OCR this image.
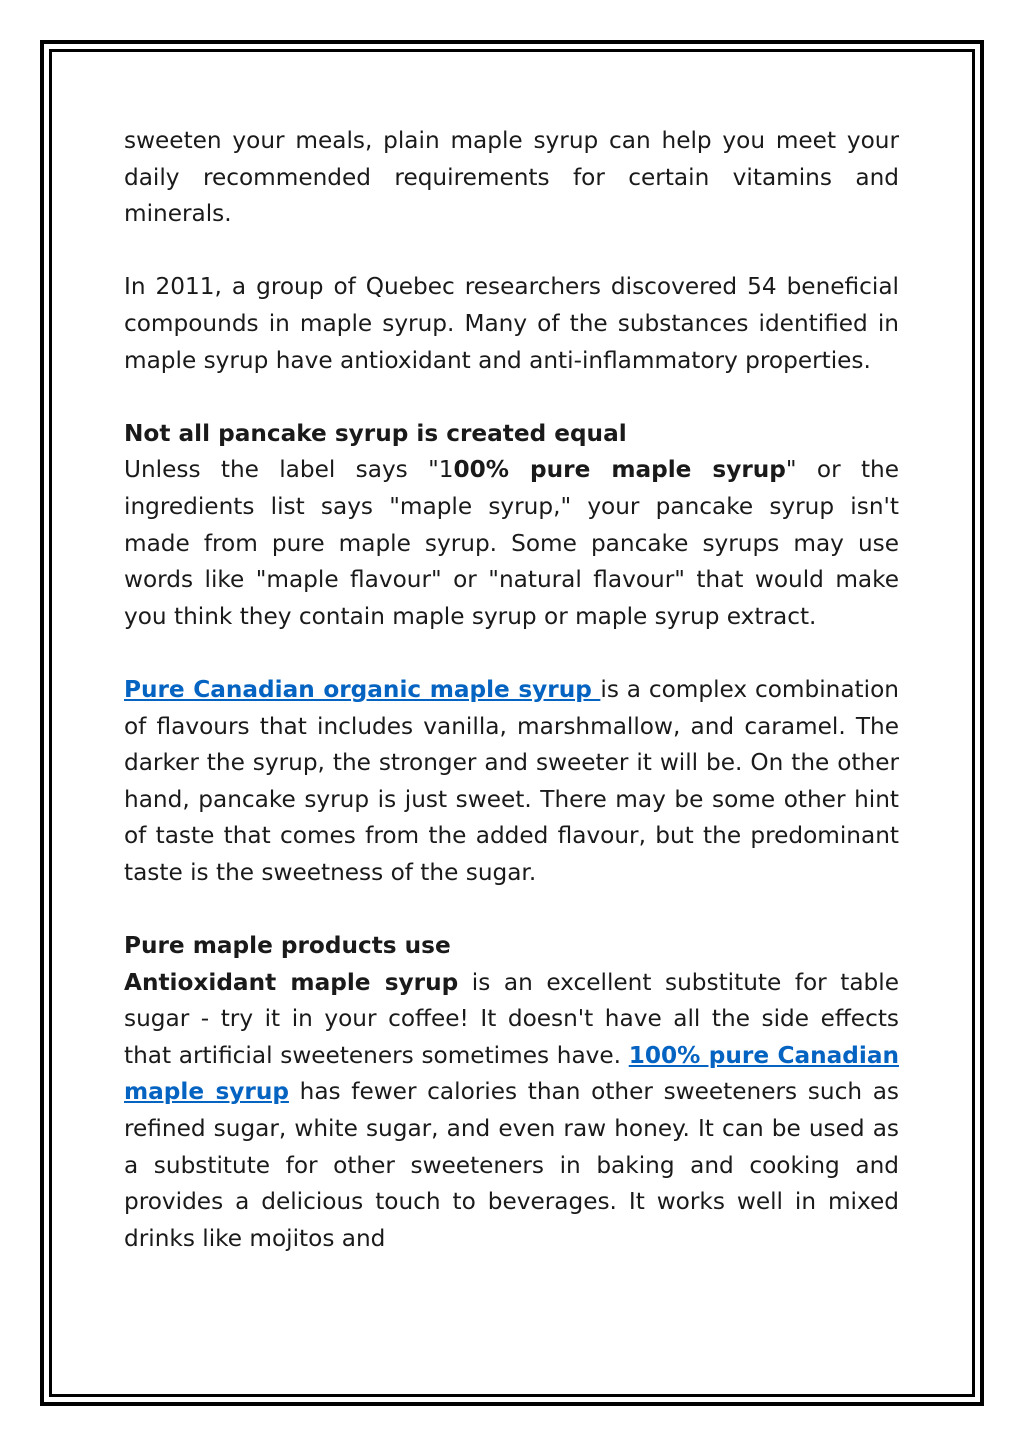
sweeten your meals, plain maple syrup can help you meet your daily recommended requirements for certain vitamins and minerals.

In 2011, a group of Quebec researchers discovered 54 beneficial compounds in maple syrup. Many of the substances identified in maple syrup have antioxidant and anti-inflammatory properties.

Not all pancake syrup is created equal

Unless the label says "100% pure maple syrup" or the ingredients list says "maple syrup," your pancake syrup isn't made from pure maple syrup. Some pancake syrups may use words like "maple flavour" or "natural flavour" that would make you think they contain maple syrup or maple syrup extract.

Pure Canadian organic maple syrup is a complex combination of flavours that includes vanilla, marshmallow, and caramel. The darker the syrup, the stronger and sweeter it will be. On the other hand, pancake syrup is just sweet. There may be some other hint of taste that comes from the added flavour, but the predominant taste is the sweetness of the sugar.

Pure maple products use

Antioxidant maple syrup is an excellent substitute for table sugar - try it in your coffee! It doesn't have all the side effects that artificial sweeteners sometimes have. 100% pure Canadian maple syrup has fewer calories than other sweeteners such as refined sugar, white sugar, and even raw honey. It can be used as a substitute for other sweeteners in baking and cooking and provides a delicious touch to beverages. It works well in mixed drinks like mojitos and
